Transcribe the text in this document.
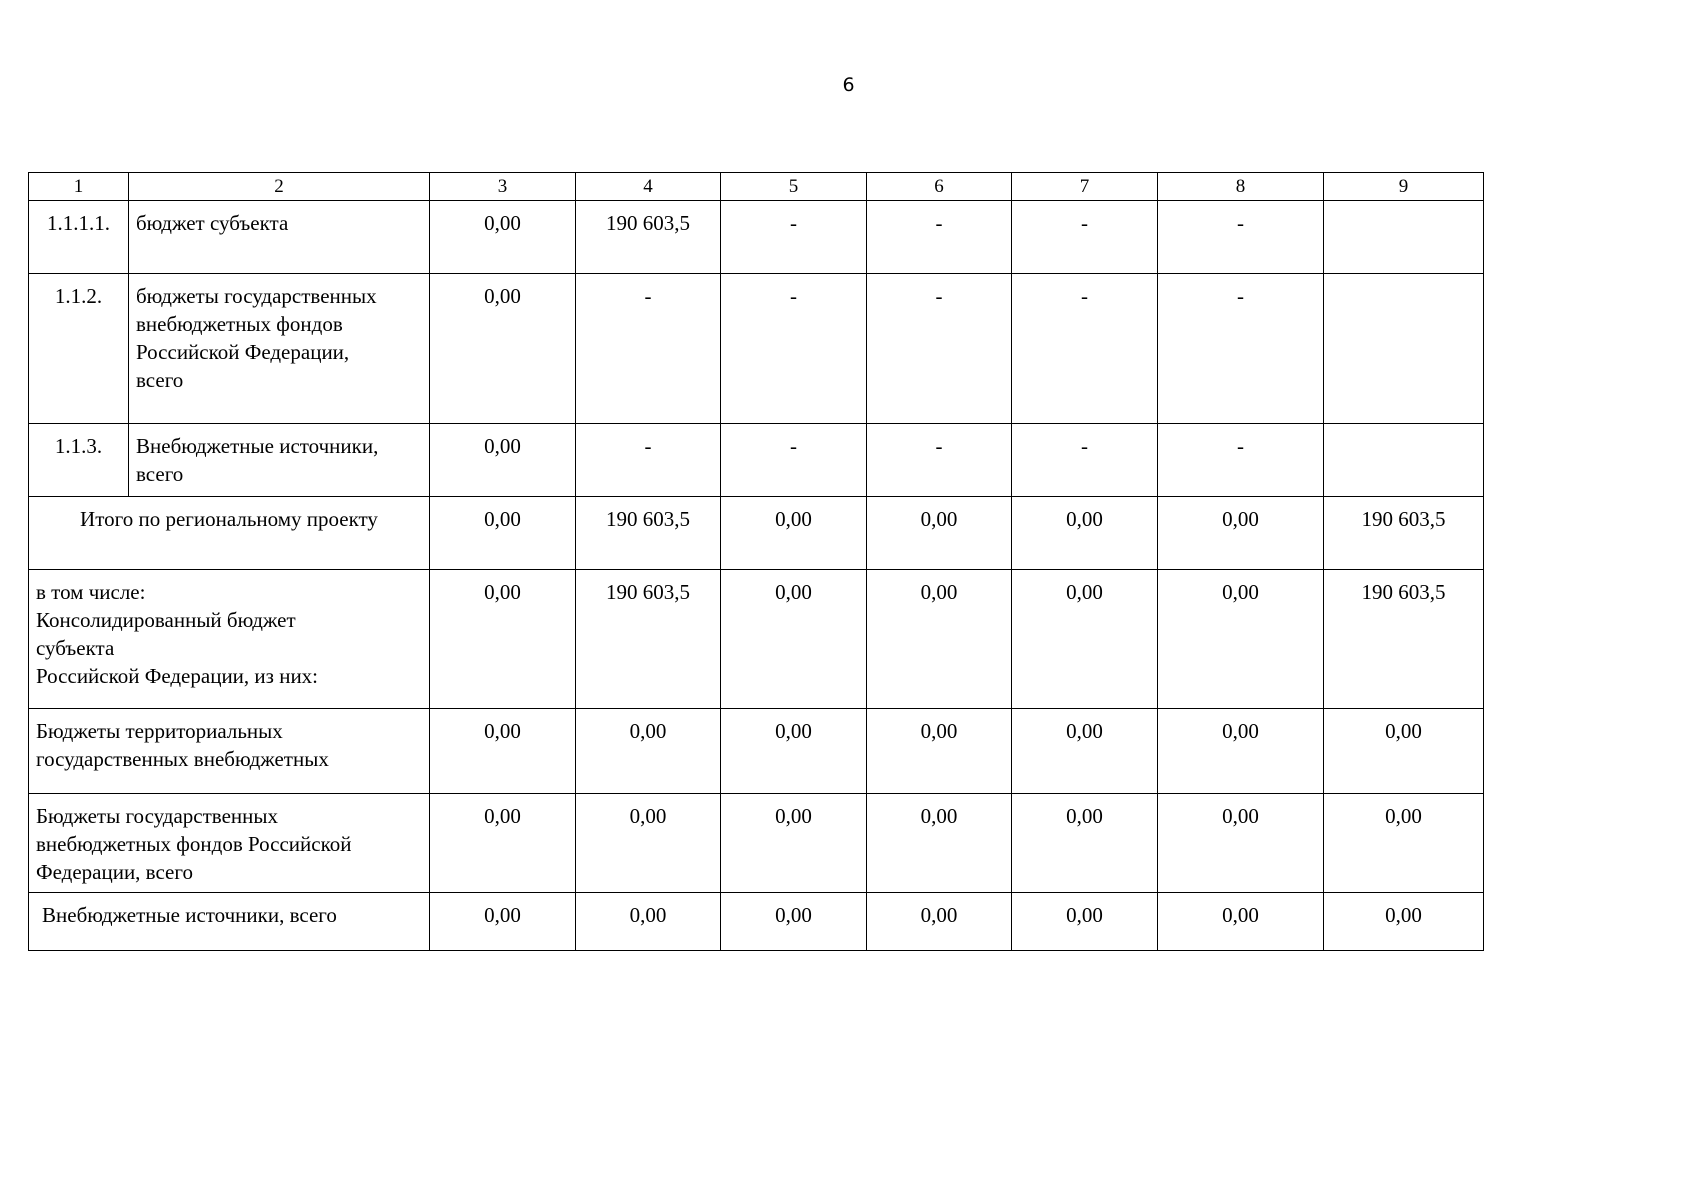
6
1	2	3	4	5	6	7	8	9
1.1.1.1.	бюджет субъекта	0,00	190 603,5	-	-	-	-	
1.1.2.	бюджеты государственных
внебюджетных фондов
Российской Федерации,
всего	0,00	-	-	-	-	-	
1.1.3.	Внебюджетные источники,
всего	0,00	-	-	-	-	-	
Итого по региональному проекту		0,00	190 603,5	0,00	0,00	0,00	0,00	190 603,5
в том числе:
Консолидированный бюджет
субъекта
Российской Федерации, из них:		0,00	190 603,5	0,00	0,00	0,00	0,00	190 603,5
Бюджеты территориальных
государственных внебюджетных		0,00	0,00	0,00	0,00	0,00	0,00	0,00
Бюджеты государственных
внебюджетных фондов Российской
Федерации, всего		0,00	0,00	0,00	0,00	0,00	0,00	0,00
Внебюджетные источники, всего		0,00	0,00	0,00	0,00	0,00	0,00	0,00
